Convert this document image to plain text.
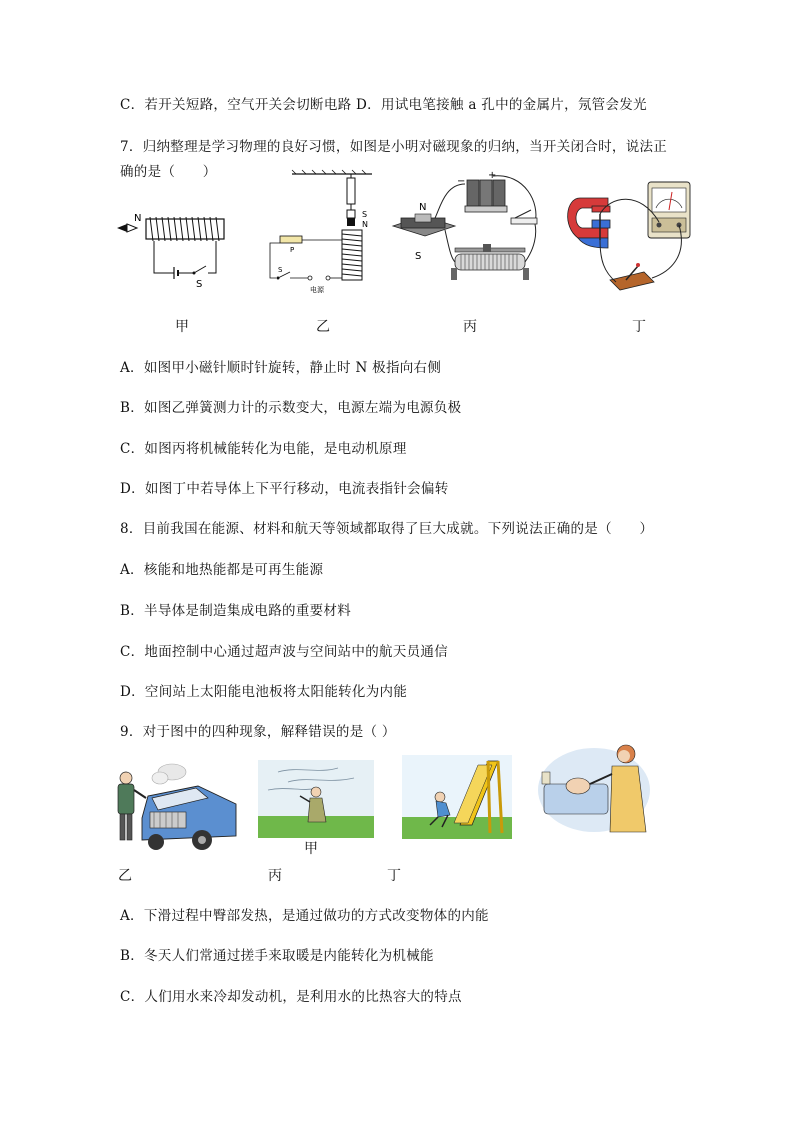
C．若开关短路，空气开关会切断电路 D．用试电笔接触 a 孔中的金属片，氖管会发光
7．归纳整理是学习物理的良好习惯，如图是小明对磁现象的归纳，当开关闭合时，说法正
确的是（　　）
N
S
甲
S
N
P
S
电源
乙
−
+
N
S
丙	丁
A．如图甲小磁针顺时针旋转，静止时 N 极指向右侧
B．如图乙弹簧测力计的示数变大，电源左端为电源负极
C．如图丙将机械能转化为电能，是电动机原理
D．如图丁中若导体上下平行移动，电流表指针会偏转
8．目前我国在能源、材料和航天等领域都取得了巨大成就。下列说法正确的是（　　）
A．核能和地热能都是可再生能源
B．半导体是制造集成电路的重要材料
C．地面控制中心通过超声波与空间站中的航天员通信
D．空间站上太阳能电池板将太阳能转化为内能
9．对于图中的四种现象，解释错误的是（ ）
甲
乙	丙	丁
A．下滑过程中臀部发热，是通过做功的方式改变物体的内能
B．冬天人们常通过搓手来取暖是内能转化为机械能
C．人们用水来冷却发动机，是利用水的比热容大的特点
